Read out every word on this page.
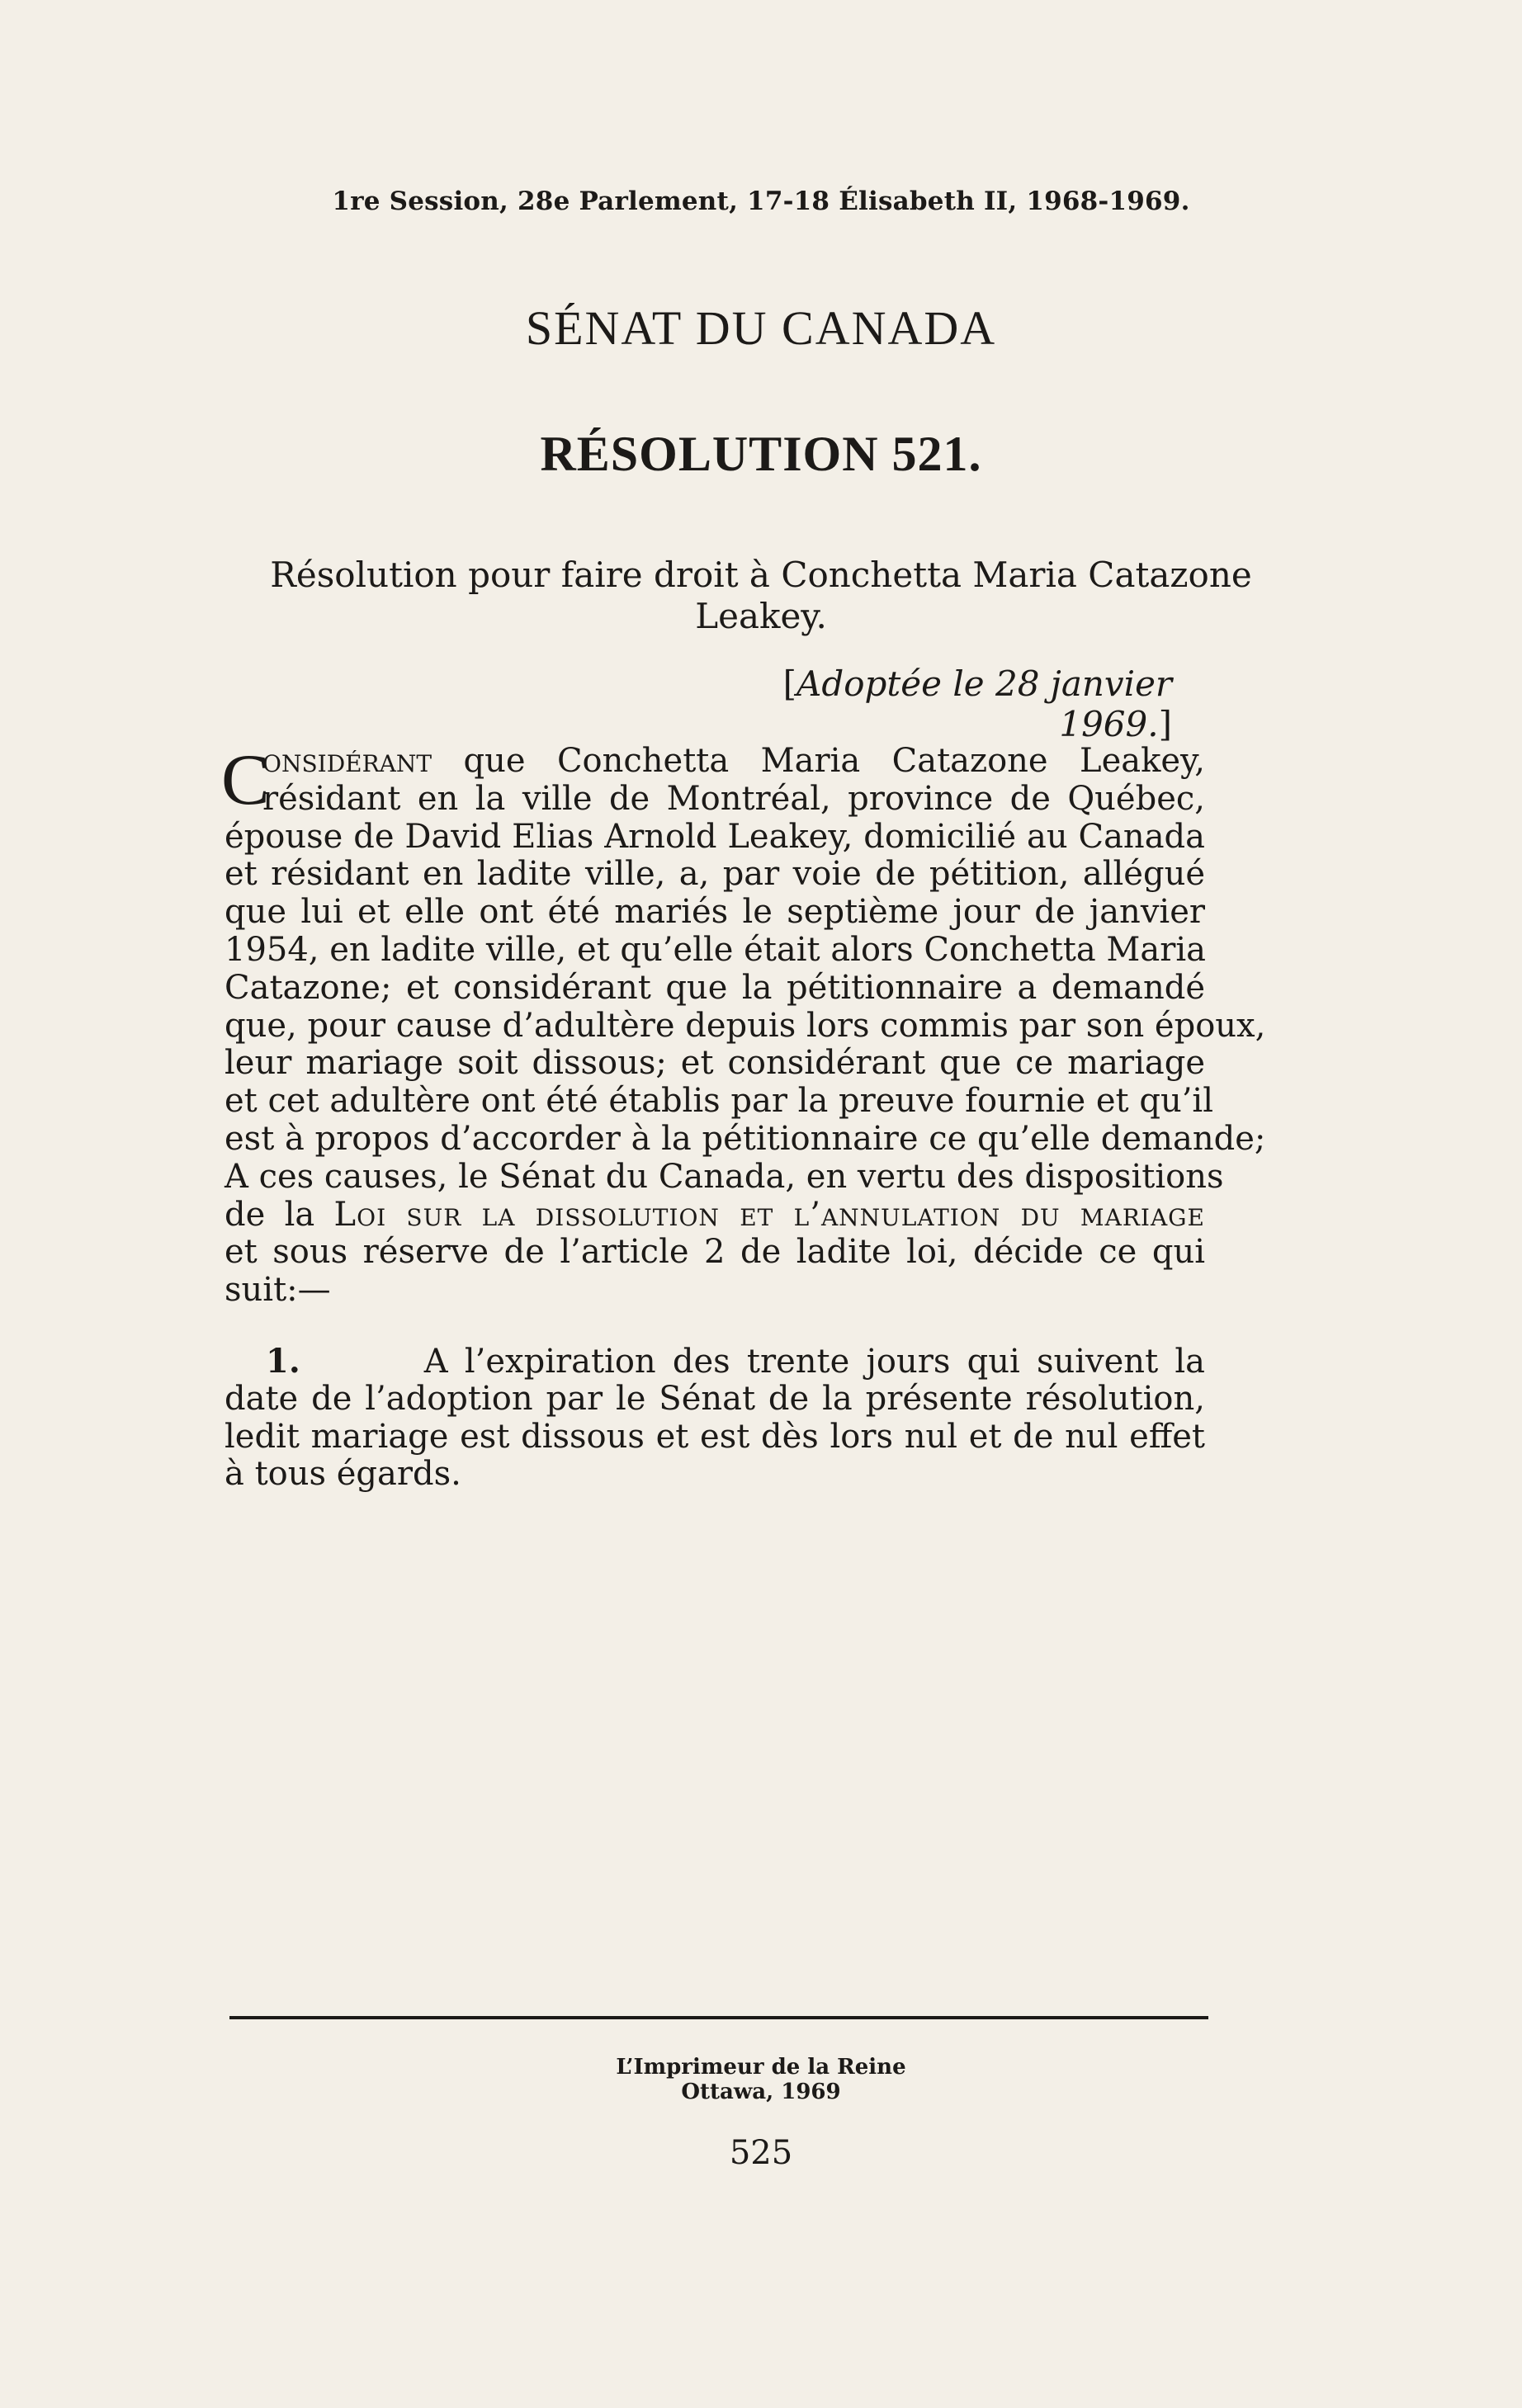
1re Session, 28e Parlement, 17-18 Élisabeth II, 1968-1969.
SÉNAT DU CANADA
RÉSOLUTION 521.
Résolution pour faire droit à Conchetta Maria Catazone
Leakey.
[Adoptée le 28 janvier 1969.]
C
onsidérant que Conchetta Maria Catazone Leakey,
résidant en la ville de Montréal, province de Québec,
épouse de David Elias Arnold Leakey, domicilié au Canada
et résidant en ladite ville, a, par voie de pétition, allégué
que lui et elle ont été mariés le septième jour de janvier
1954, en ladite ville, et qu’elle était alors Conchetta Maria
Catazone; et considérant que la pétitionnaire a demandé
que, pour cause d’adultère depuis lors commis par son époux,
leur mariage soit dissous; et considérant que ce mariage
et cet adultère ont été établis par la preuve fournie et qu’il
est à propos d’accorder à la pétitionnaire ce qu’elle demande;
A ces causes, le Sénat du Canada, en vertu des dispositions
de la Loi sur la dissolution et l’annulation du mariage
et sous réserve de l’article 2 de ladite loi, décide ce qui
suit:—
1.	A l’expiration des trente jours qui suivent la
date de l’adoption par le Sénat de la présente résolution,
ledit mariage est dissous et est dès lors nul et de nul effet
à tous égards.
L’Imprimeur de la Reine
Ottawa, 1969
525
